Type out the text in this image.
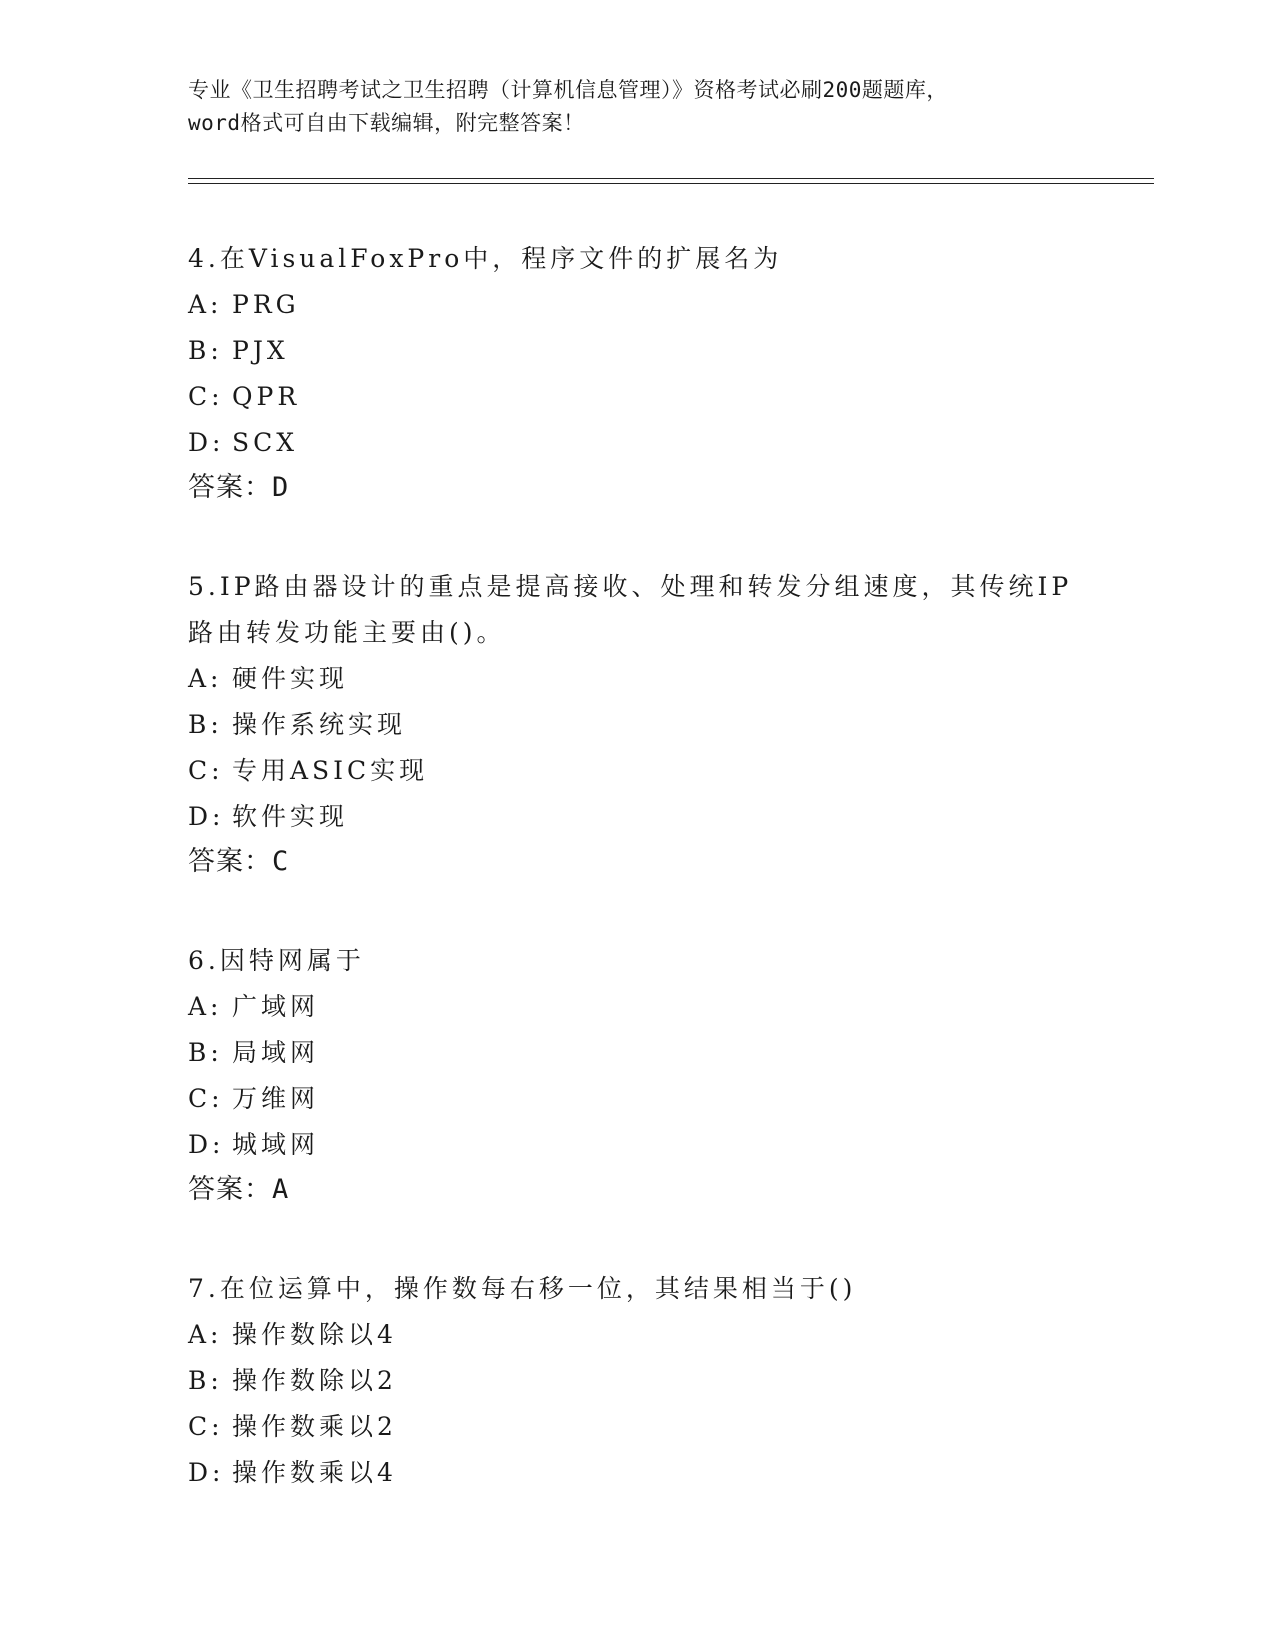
专业《卫生招聘考试之卫生招聘（计算机信息管理）》资格考试必刷200题题库，
word格式可自由下载编辑，附完整答案！
4.在VisualFoxPro中，程序文件的扩展名为
A: PRG
B: PJX
C: QPR
D: SCX
答案：D
5.IP路由器设计的重点是提高接收、处理和转发分组速度，其传统IP
路由转发功能主要由()。
A: 硬件实现
B: 操作系统实现
C: 专用ASIC实现
D: 软件实现
答案：C
6.因特网属于
A: 广域网
B: 局域网
C: 万维网
D: 城域网
答案：A
7.在位运算中，操作数每右移一位，其结果相当于()
A: 操作数除以4
B: 操作数除以2
C: 操作数乘以2
D: 操作数乘以4
